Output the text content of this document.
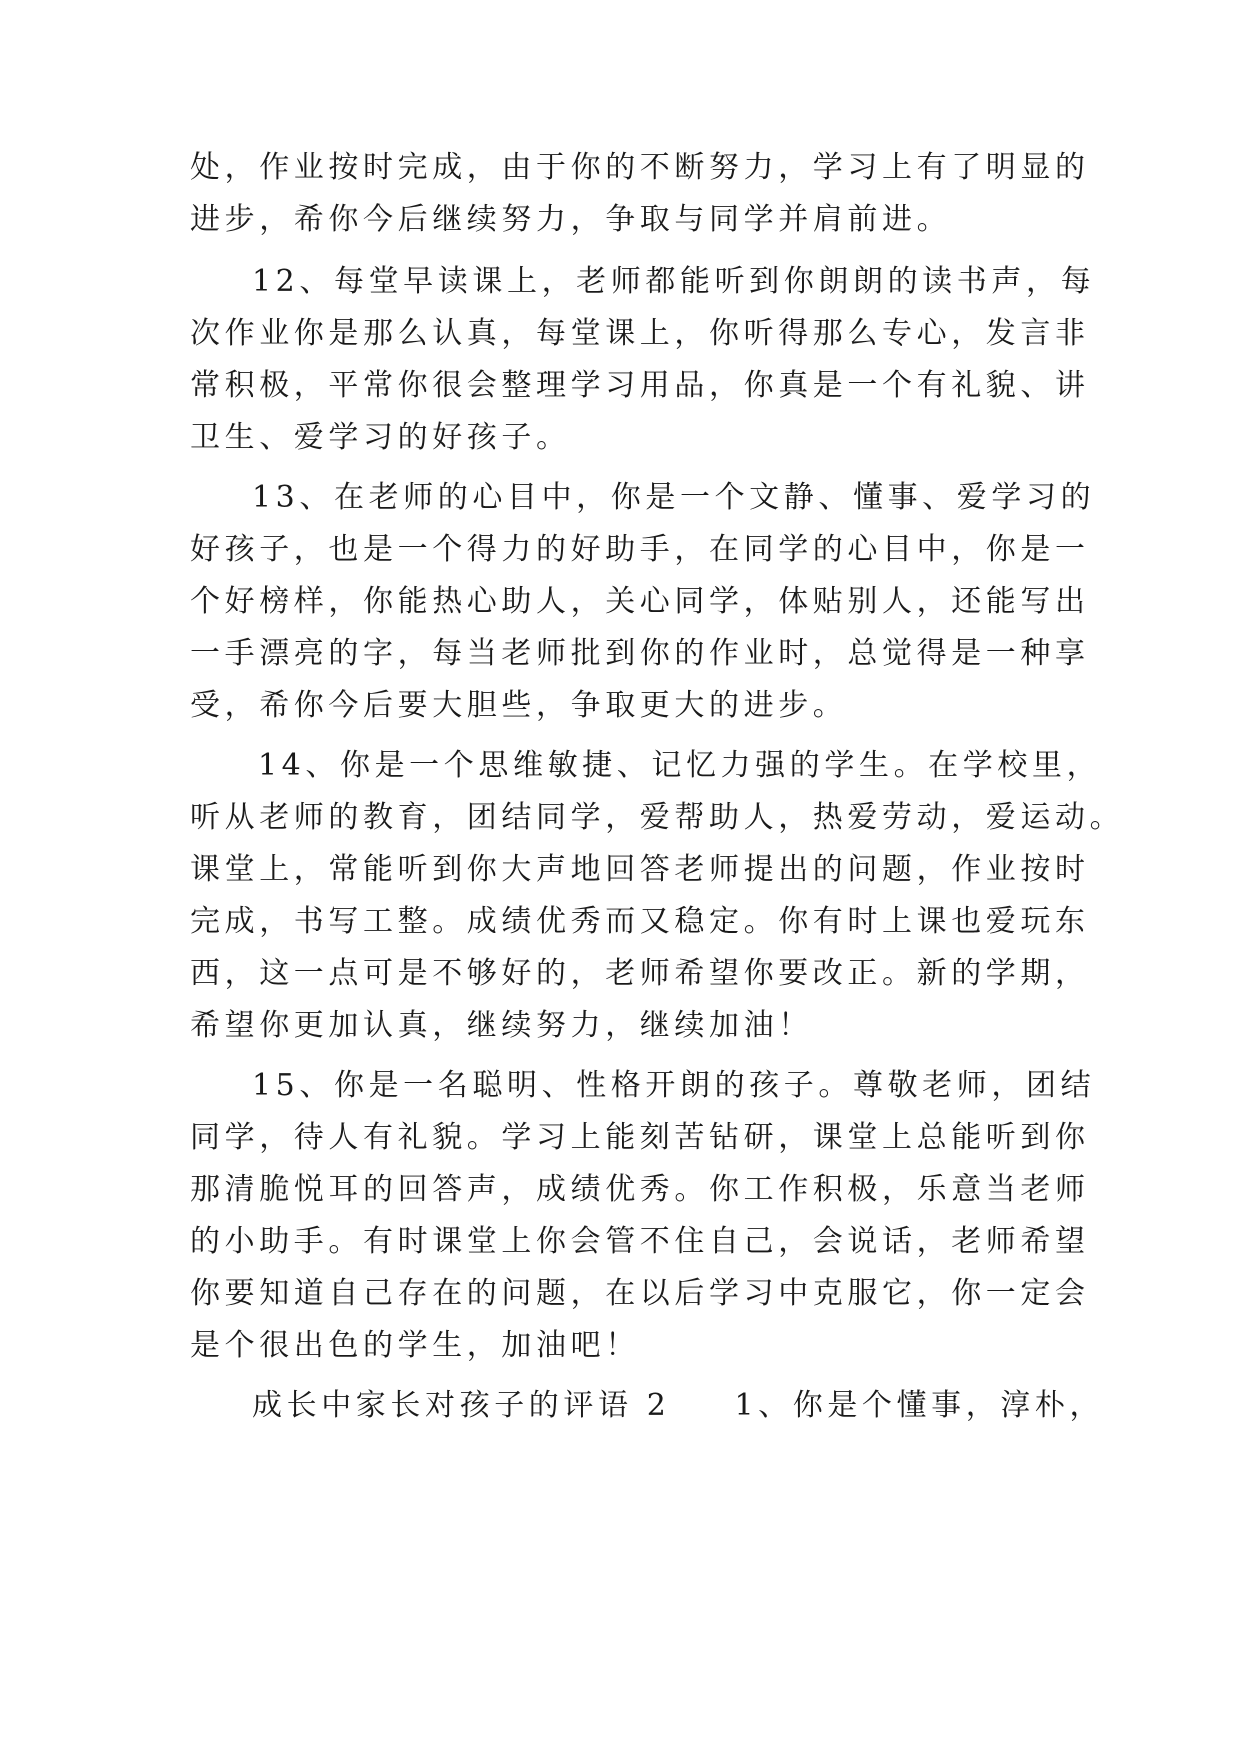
处，作业按时完成，由于你的不断努力，学习上有了明显的
进步，希你今后继续努力，争取与同学并肩前进。
12、每堂早读课上，老师都能听到你朗朗的读书声，每
次作业你是那么认真，每堂课上，你听得那么专心，发言非
常积极，平常你很会整理学习用品，你真是一个有礼貌、讲
卫生、爱学习的好孩子。
13、在老师的心目中，你是一个文静、懂事、爱学习的
好孩子，也是一个得力的好助手，在同学的心目中，你是一
个好榜样，你能热心助人，关心同学，体贴别人，还能写出
一手漂亮的字，每当老师批到你的作业时，总觉得是一种享
受，希你今后要大胆些，争取更大的进步。
14、你是一个思维敏捷、记忆力强的学生。在学校里，
听从老师的教育，团结同学，爱帮助人，热爱劳动，爱运动。
课堂上，常能听到你大声地回答老师提出的问题，作业按时
完成，书写工整。成绩优秀而又稳定。你有时上课也爱玩东
西，这一点可是不够好的，老师希望你要改正。新的学期，
希望你更加认真，继续努力，继续加油！
15、你是一名聪明、性格开朗的孩子。尊敬老师，团结
同学，待人有礼貌。学习上能刻苦钻研，课堂上总能听到你
那清脆悦耳的回答声，成绩优秀。你工作积极，乐意当老师
的小助手。有时课堂上你会管不住自己，会说话，老师希望
你要知道自己存在的问题，在以后学习中克服它，你一定会
是个很出色的学生，加油吧！
成长中家长对孩子的评语 2 1、你是个懂事，淳朴，
